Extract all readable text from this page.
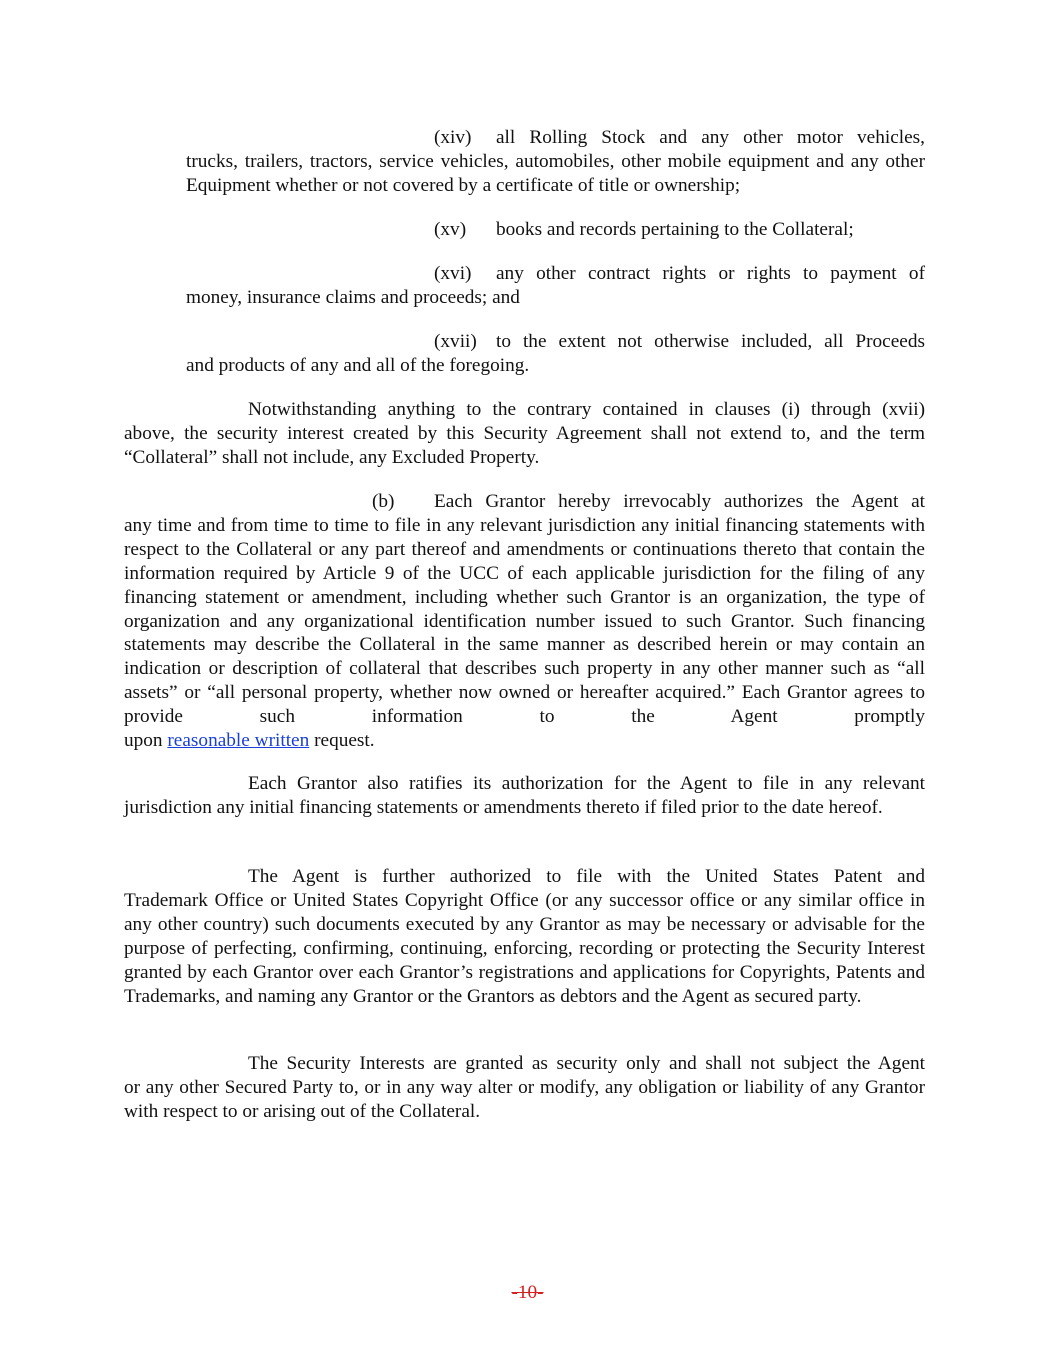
(xiv) all Rolling Stock and any other motor vehicles,
trucks, trailers, tractors, service vehicles, automobiles, other mobile equipment and any other Equipment whether or not covered by a certificate of title or ownership;
(xv) books and records pertaining to the Collateral;
(xvi) any other contract rights or rights to payment of
money, insurance claims and proceeds; and
(xvii) to the extent not otherwise included, all Proceeds
and products of any and all of the foregoing.
Notwithstanding anything to the contrary contained in clauses (i) through (xvii)
above, the security interest created by this Security Agreement shall not extend to, and the term “Collateral” shall not include, any Excluded Property.
(b) Each Grantor hereby irrevocably authorizes the Agent at
any time and from time to time to file in any relevant jurisdiction any initial financing statements with respect to the Collateral or any part thereof and amendments or continuations thereto that contain the information required by Article 9 of the UCC of each applicable jurisdiction for the filing of any financing statement or amendment, including whether such Grantor is an organization, the type of organization and any organizational identification number issued to such Grantor. Such financing statements may describe the Collateral in the same manner as described herein or may contain an indication or description of collateral that describes such property in any other manner such as “all assets” or “all personal property, whether now owned or hereafter acquired.” Each Grantor agrees to provide such information to the Agent promptly
upon reasonable written request.
Each Grantor also ratifies its authorization for the Agent to file in any relevant
jurisdiction any initial financing statements or amendments thereto if filed prior to the date hereof.
The Agent is further authorized to file with the United States Patent and
Trademark Office or United States Copyright Office (or any successor office or any similar office in any other country) such documents executed by any Grantor as may be necessary or advisable for the purpose of perfecting, confirming, continuing, enforcing, recording or protecting the Security Interest granted by each Grantor over each Grantor’s registrations and applications for Copyrights, Patents and Trademarks, and naming any Grantor or the Grantors as debtors and the Agent as secured party.
The Security Interests are granted as security only and shall not subject the Agent
or any other Secured Party to, or in any way alter or modify, any obligation or liability of any Grantor with respect to or arising out of the Collateral.
-10-
